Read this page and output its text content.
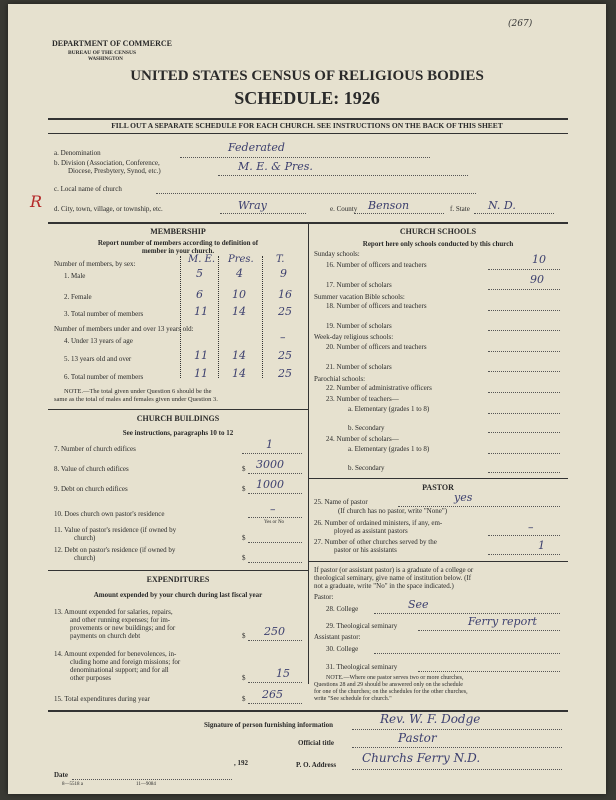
(267)
DEPARTMENT OF COMMERCE
BUREAU OF THE CENSUS
WASHINGTON
UNITED STATES CENSUS OF RELIGIOUS BODIES
SCHEDULE: 1926
FILL OUT A SEPARATE SCHEDULE FOR EACH CHURCH. SEE INSTRUCTIONS ON THE BACK OF THIS SHEET
a. Denomination	Federated
b. Division (Association, Conference,
Diocese, Presbytery, Synod, etc.)	M. E. & Pres.
c. Local name of church
R d. City, town, village, or township, etc.	Wray	e. County Benson	f. State N. D.
MEMBERSHIP
Report number of members according to definition of
member in your church.
Number of members, by sex:	M. E. Pres. T.
1. Male	5	4	9
2. Female	6	10	16
3. Total number of members	11 14	25
Number of members under and over 13 years old:
4. Under 13 years of age	–
5. 13 years old and over	11 14	25
6. Total number of members	11 14	25
NOTE.—The total given under Question 6 should be the
same as the total of males and females given under Question 3.
CHURCH BUILDINGS
See instructions, paragraphs 10 to 12
7. Number of church edifices	1
8. Value of church edifices	$ 3000
9. Debt on church edifices	$ 1000
10. Does church own pastor's residence	–
Yes or No
11. Value of pastor's residence (if owned by
church)	$
12. Debt on pastor's residence (if owned by
church)	$
EXPENDITURES
Amount expended by your church during last fiscal year
13. Amount expended for salaries, repairs,
and other running expenses; for im-
provements or new buildings; and for
payments on church debt	$ 250
14. Amount expended for benevolences, in-
cluding home and foreign missions; for
denominational support; and for all
other purposes	$	15
15. Total expenditures during year	$ 265
CHURCH SCHOOLS
Report here only schools conducted by this church
Sunday schools:
16. Number of officers and teachers	10
17. Number of scholars	90
Summer vacation Bible schools:
18. Number of officers and teachers
19. Number of scholars
Week-day religious schools:
20. Number of officers and teachers
21. Number of scholars
Parochial schools:
22. Number of administrative officers
23. Number of teachers—
a. Elementary (grades 1 to 8)
b. Secondary
24. Number of scholars—
a. Elementary (grades 1 to 8)
b. Secondary
PASTOR
25. Name of pastor	yes
(If church has no pastor, write "None")
26. Number of ordained ministers, if any, em-
ployed as assistant pastors	–
27. Number of other churches served by the
pastor or his assistants	1
If pastor (or assistant pastor) is a graduate of a college or
theological seminary, give name of institution below. (If
not a graduate, write "No" in the space indicated.)
Pastor:
28. College	See
29. Theological seminary	Ferry report
Assistant pastor:
30. College
31. Theological seminary
NOTE.—Where one pastor serves two or more churches,
Questions 28 and 29 should be answered only on the schedule
for one of the churches; on the schedules for the other churches,
write "See schedule for church."
Signature of person furnishing information	Rev. W. F. Dodge
Official title	Pastor
P. O. Address Churchs Ferry N.D.
Date
, 192
8—5518 a	11—9084
